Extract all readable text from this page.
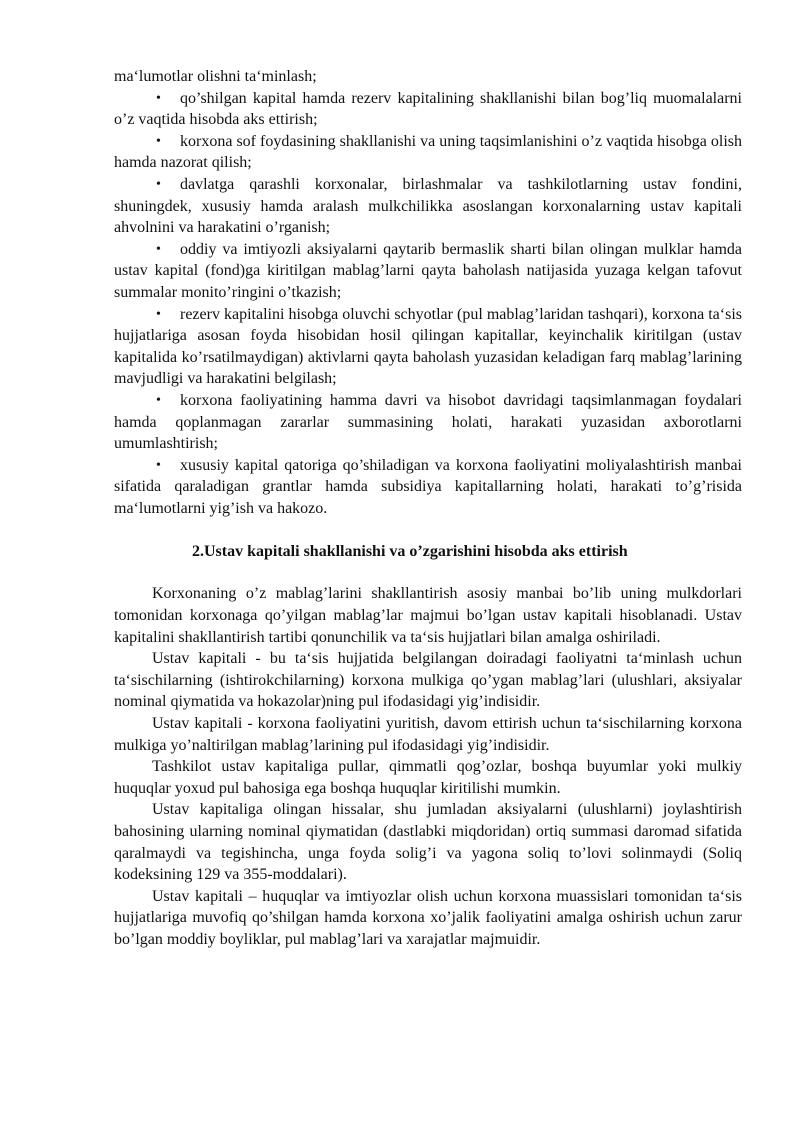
ma‘lumotlar olishni ta‘minlash;

• qo’shilgan kapital hamda rezerv kapitalining shakllanishi bilan bog’liq muomalalarni o’z vaqtida hisobda aks ettirish;

• korxona sof foydasining shakllanishi va uning taqsimlanishini o’z vaqtida hisobga olish hamda nazorat qilish;

• davlatga qarashli korxonalar, birlashmalar va tashkilotlarning ustav fondini, shuningdek, xususiy hamda aralash mulkchilikka asoslangan korxonalarning ustav kapitali ahvolnini va harakatini o’rganish;

• oddiy va imtiyozli aksiyalarni qaytarib bermaslik sharti bilan olingan mulklar hamda ustav kapital (fond)ga kiritilgan mablag’larni qayta baholash natijasida yuzaga kelgan tafovut summalar monito’ringini o’tkazish;

• rezerv kapitalini hisobga oluvchi schyotlar (pul mablag’laridan tashqari), korxona ta‘sis hujjatlariga asosan foyda hisobidan hosil qilingan kapitallar, keyinchalik kiritilgan (ustav kapitalida ko’rsatilmaydigan) aktivlarni qayta baholash yuzasidan keladigan farq mablag’larining mavjudligi va harakatini belgilash;

• korxona faoliyatining hamma davri va hisobot davridagi taqsimlanmagan foydalari hamda qoplanmagan zararlar summasining holati, harakati yuzasidan axborotlarni umumlashtirish;

• xususiy kapital qatoriga qo’shiladigan va korxona faoliyatini moliyalashtirish manbai sifatida qaraladigan grantlar hamda subsidiya kapitallarning holati, harakati to’g’risida ma‘lumotlarni yig’ish va hakozo.

2.Ustav kapitali shakllanishi va o’zgarishini hisobda aks ettirish

Korxonaning o’z mablag’larini shakllantirish asosiy manbai bo’lib uning mulkdorlari tomonidan korxonaga qo’yilgan mablag’lar majmui bo’lgan ustav kapitali hisoblanadi. Ustav kapitalini shakllantirish tartibi qonunchilik va ta‘sis hujjatlari bilan amalga oshiriladi.

Ustav kapitali - bu ta‘sis hujjatida belgilangan doiradagi faoliyatni ta‘minlash uchun ta‘sischilarning (ishtirokchilarning) korxona mulkiga qo’ygan mablag’lari (ulushlari, aksiyalar nominal qiymatida va hokazolar)ning pul ifodasidagi yig’indisidir.

Ustav kapitali - korxona faoliyatini yuritish, davom ettirish uchun ta‘sischilarning korxona mulkiga yo’naltirilgan mablag’larining pul ifodasidagi yig’indisidir.

Tashkilot ustav kapitaliga pullar, qimmatli qog’ozlar, boshqa buyumlar yoki mulkiy huquqlar yoxud pul bahosiga ega boshqa huquqlar kiritilishi mumkin.

Ustav kapitaliga olingan hissalar, shu jumladan aksiyalarni (ulushlarni) joylashtirish bahosining ularning nominal qiymatidan (dastlabki miqdoridan) ortiq summasi daromad sifatida qaralmaydi va tegishincha, unga foyda solig’i va yagona soliq to’lovi solinmaydi (Soliq kodeksining 129 va 355-moddalari).

Ustav kapitali – huquqlar va imtiyozlar olish uchun korxona muassislari tomonidan ta‘sis hujjatlariga muvofiq qo’shilgan hamda korxona xo’jalik faoliyatini amalga oshirish uchun zarur bo’lgan moddiy boyliklar, pul mablag’lari va xarajatlar majmuidir.
